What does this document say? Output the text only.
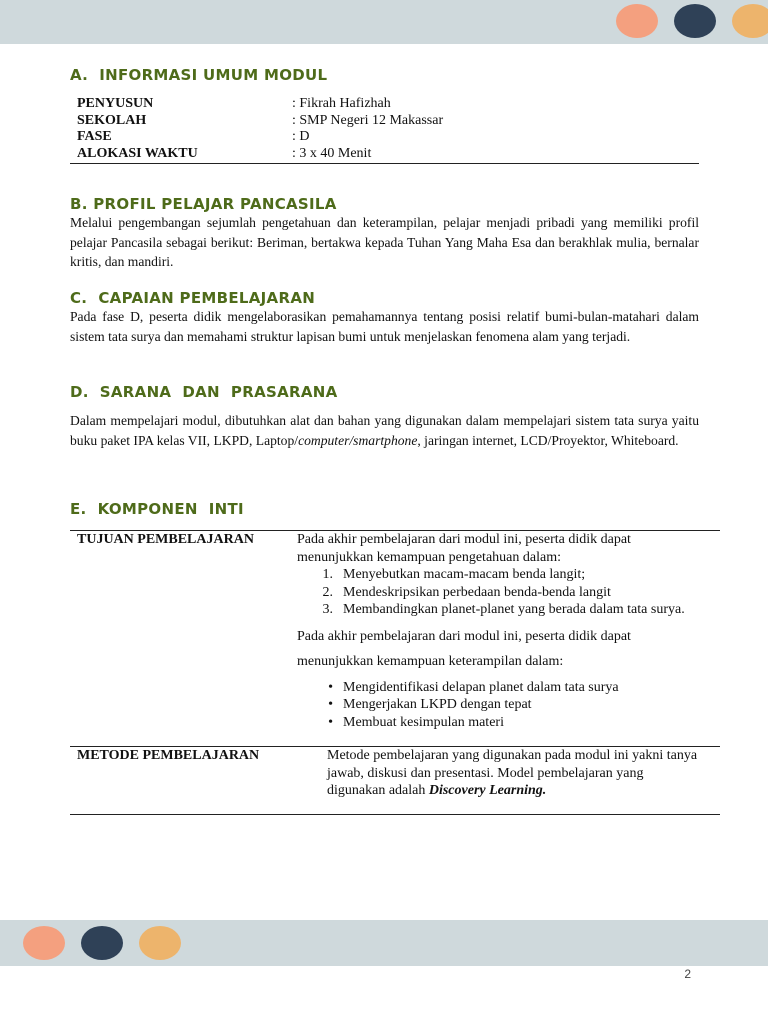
A.  INFORMASI UMUM MODUL
PENYUSUN	: Fikrah Hafizhah
SEKOLAH	: SMP Negeri 12 Makassar
FASE	: D
ALOKASI WAKTU	: 3 x 40 Menit
B. PROFIL PELAJAR PANCASILA

Melalui pengembangan sejumlah pengetahuan dan keterampilan, pelajar menjadi pribadi yang memiliki profil pelajar Pancasila sebagai berikut: Beriman, bertakwa kepada Tuhan Yang Maha Esa dan berakhlak mulia, bernalar kritis, dan mandiri.

C.  CAPAIAN PEMBELAJARAN

Pada fase D, peserta didik mengelaborasikan pemahamannya tentang posisi relatif bumi-bulan-matahari dalam sistem tata surya dan memahami struktur lapisan bumi untuk menjelaskan fenomena alam yang terjadi.

D.  SARANA  DAN  PRASARANA

Dalam mempelajari modul, dibutuhkan alat dan bahan yang digunakan dalam mempelajari sistem tata surya yaitu buku paket IPA kelas VII, LKPD, Laptop/computer/smartphone, jaringan internet, LCD/Proyektor, Whiteboard.

E.  KOMPONEN  INTI
TUJUAN PEMBELAJARAN	Pada akhir pembelajaran dari modul ini, peserta didik dapat menunjukkan kemampuan pengetahuan dalam:
1. Menyebutkan macam-macam benda langit;
2. Mendeskripsikan perbedaan benda-benda langit
3. Membandingkan planet-planet yang berada dalam tata surya.
Pada akhir pembelajaran dari modul ini, peserta didik dapat
menunjukkan kemampuan keterampilan dalam:
• Mengidentifikasi delapan planet dalam tata surya
• Mengerjakan LKPD dengan tepat
• Membuat kesimpulan materi
METODE PEMBELAJARAN	Metode pembelajaran yang digunakan pada modul ini yakni tanya jawab, diskusi dan presentasi. Model pembelajaran yang digunakan adalah Discovery Learning.
2
